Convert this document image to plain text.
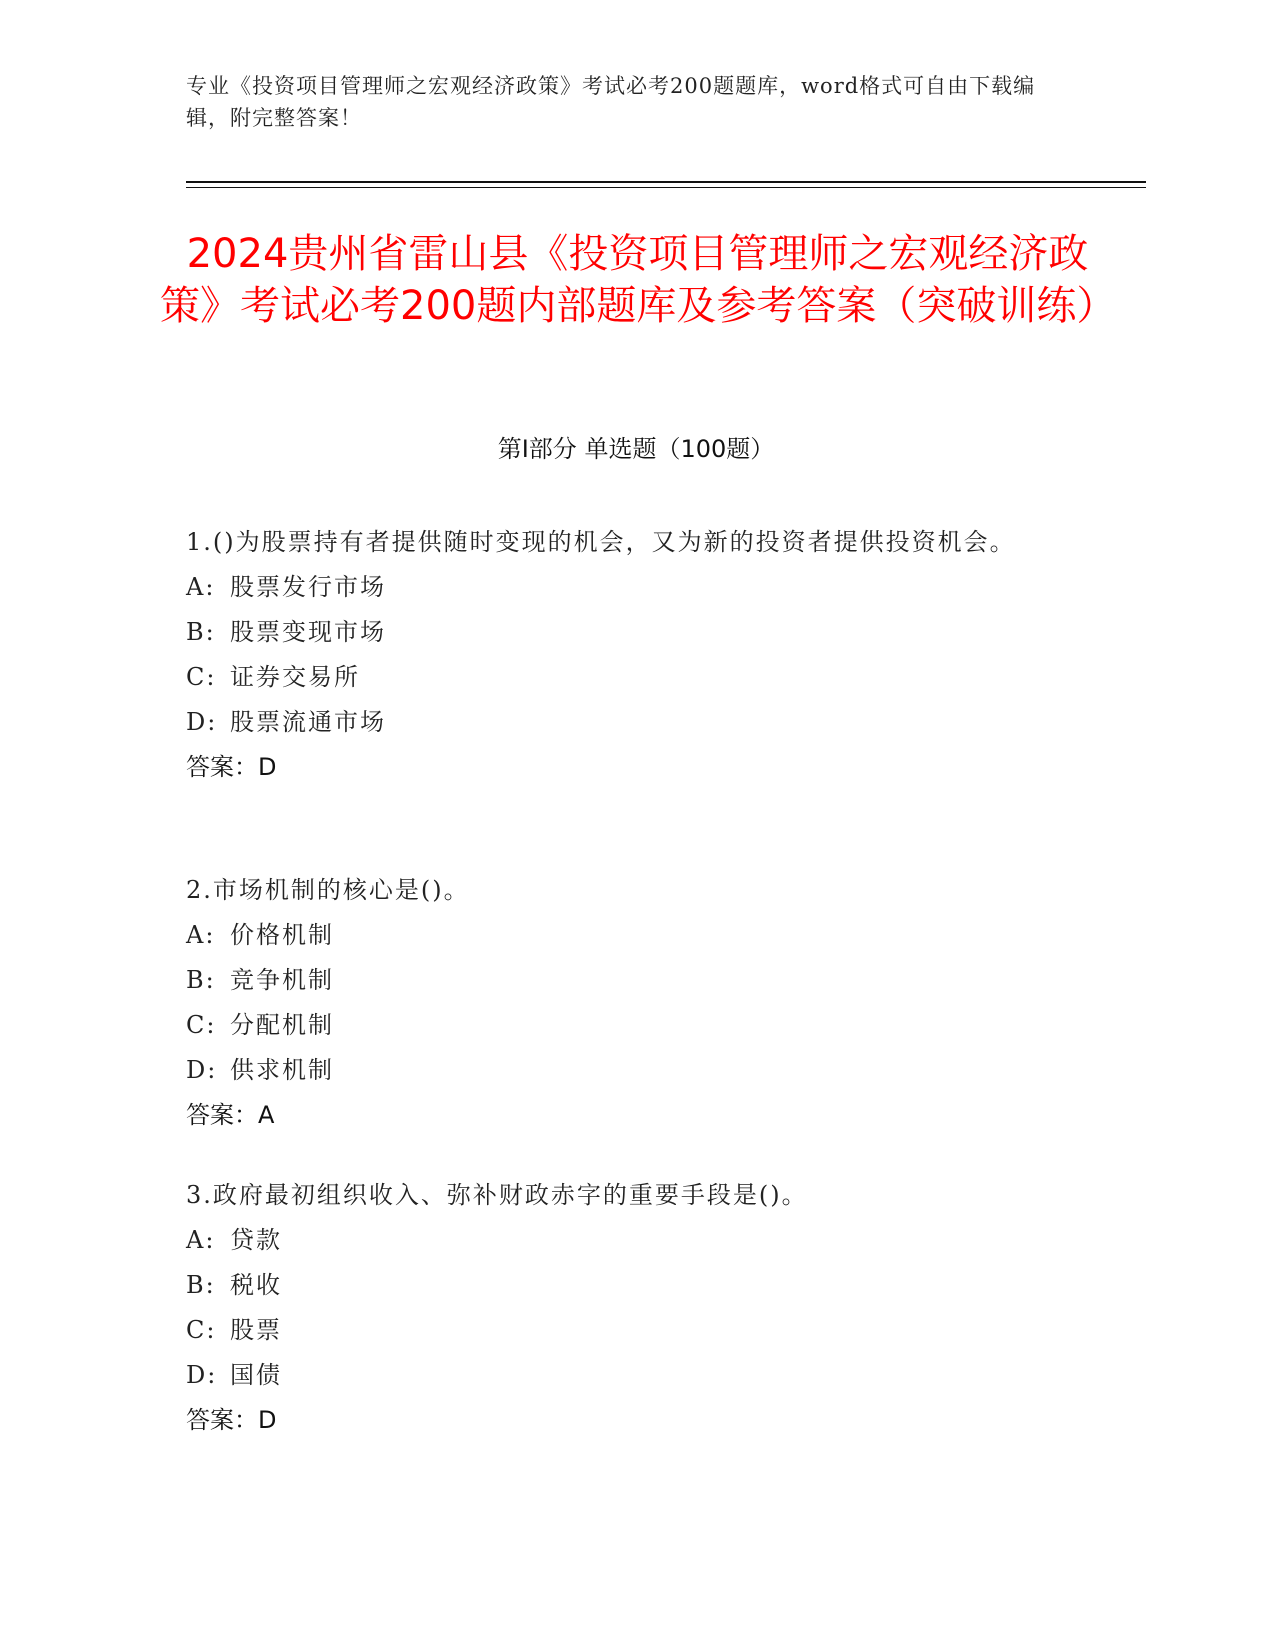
专业《投资项目管理师之宏观经济政策》考试必考200题题库，word格式可自由下载编辑，附完整答案！
2024贵州省雷山县《投资项目管理师之宏观经济政策》考试必考200题内部题库及参考答案（突破训练）
第Ⅰ部分 单选题（100题）

1.()为股票持有者提供随时变现的机会，又为新的投资者提供投资机会。

A: 股票发行市场
B: 股票变现市场
C: 证券交易所
D: 股票流通市场
答案：D

2.市场机制的核心是()。

A: 价格机制
B: 竞争机制
C: 分配机制
D: 供求机制
答案：A

3.政府最初组织收入、弥补财政赤字的重要手段是()。

A: 贷款
B: 税收
C: 股票
D: 国债
答案：D
